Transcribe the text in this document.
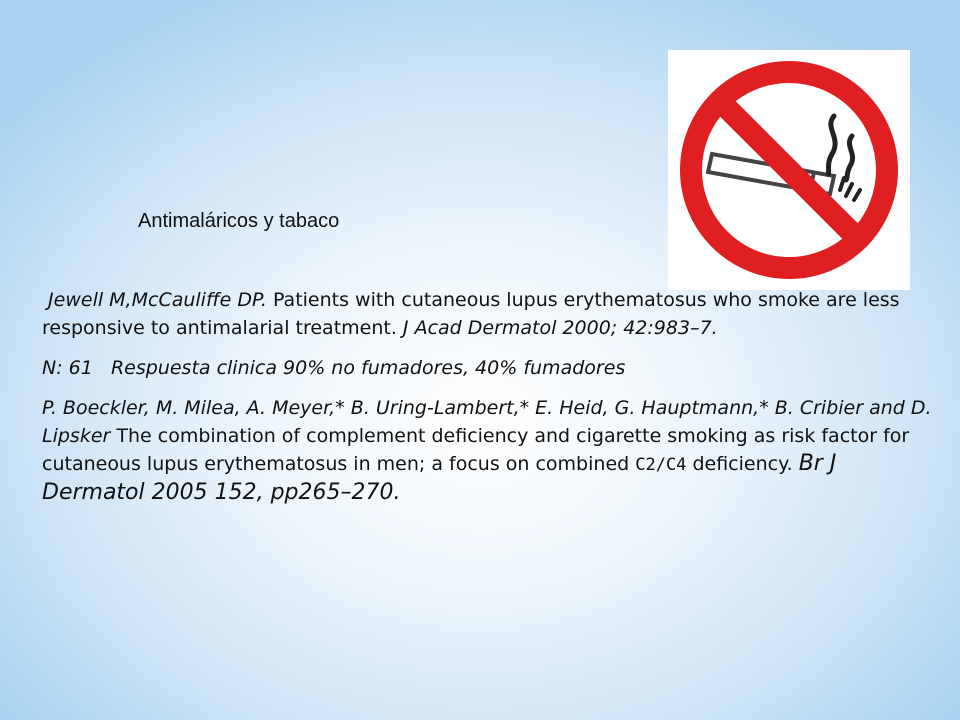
Antimaláricos y tabaco

Jewell M,McCauliffe DP. Patients with cutaneous lupus erythematosus who smoke are less responsive to antimalarial treatment. J Acad Dermatol 2000; 42:983–7.

N: 61 Respuesta clinica 90% no fumadores, 40% fumadores

P. Boeckler, M. Milea, A. Meyer,* B. Uring-Lambert,* E. Heid, G. Hauptmann,* B. Cribier and D. Lipsker The combination of complement deficiency and cigarette smoking as risk factor for cutaneous lupus erythematosus in men; a focus on combined C2/C4 deficiency. Br J Dermatol 2005 152, pp265–270.
